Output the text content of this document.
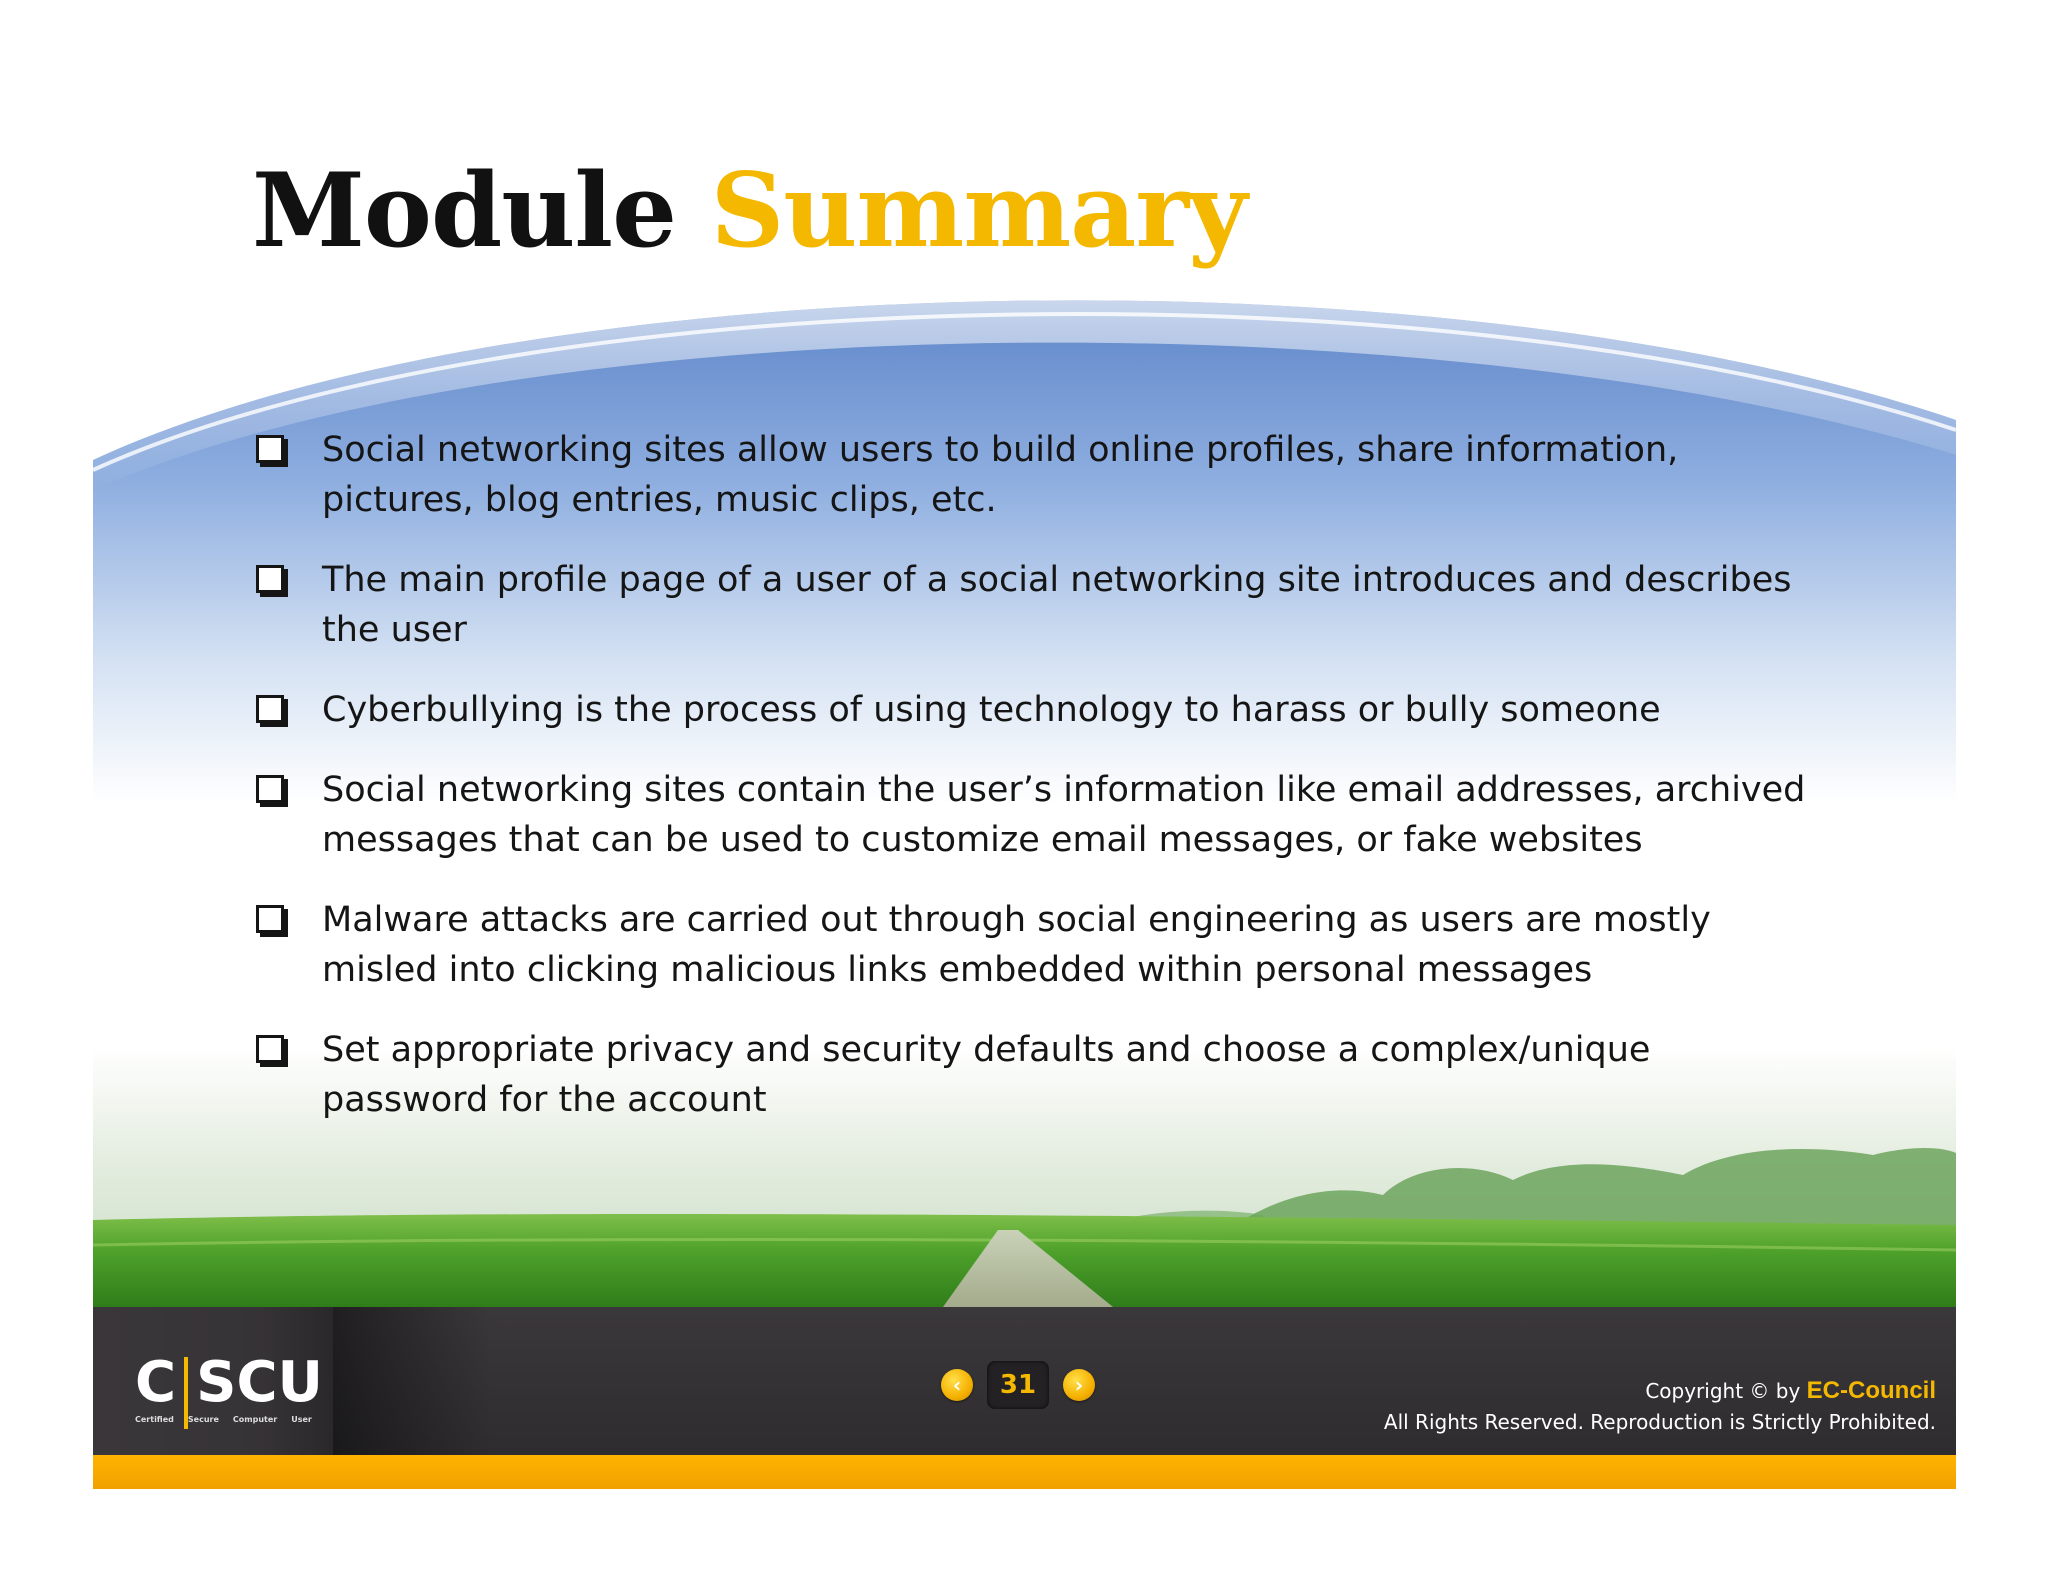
Module Summary
Social networking sites allow users to build online profiles, share information, pictures, blog entries, music clips, etc.
The main profile page of a user of a social networking site introduces and describes the user
Cyberbullying is the process of using technology to harass or bully someone
Social networking sites contain the user’s information like email addresses, archived messages that can be used to customize email messages, or fake websites
Malware attacks are carried out through social engineering as users are mostly misled into clicking malicious links embedded within personal messages
Set appropriate privacy and security defaults and choose a complex/unique password for the account
C SCU
Certified Secure Computer User
‹	31	›	Copyright © by EC-Council
All Rights Reserved. Reproduction is Strictly Prohibited.
